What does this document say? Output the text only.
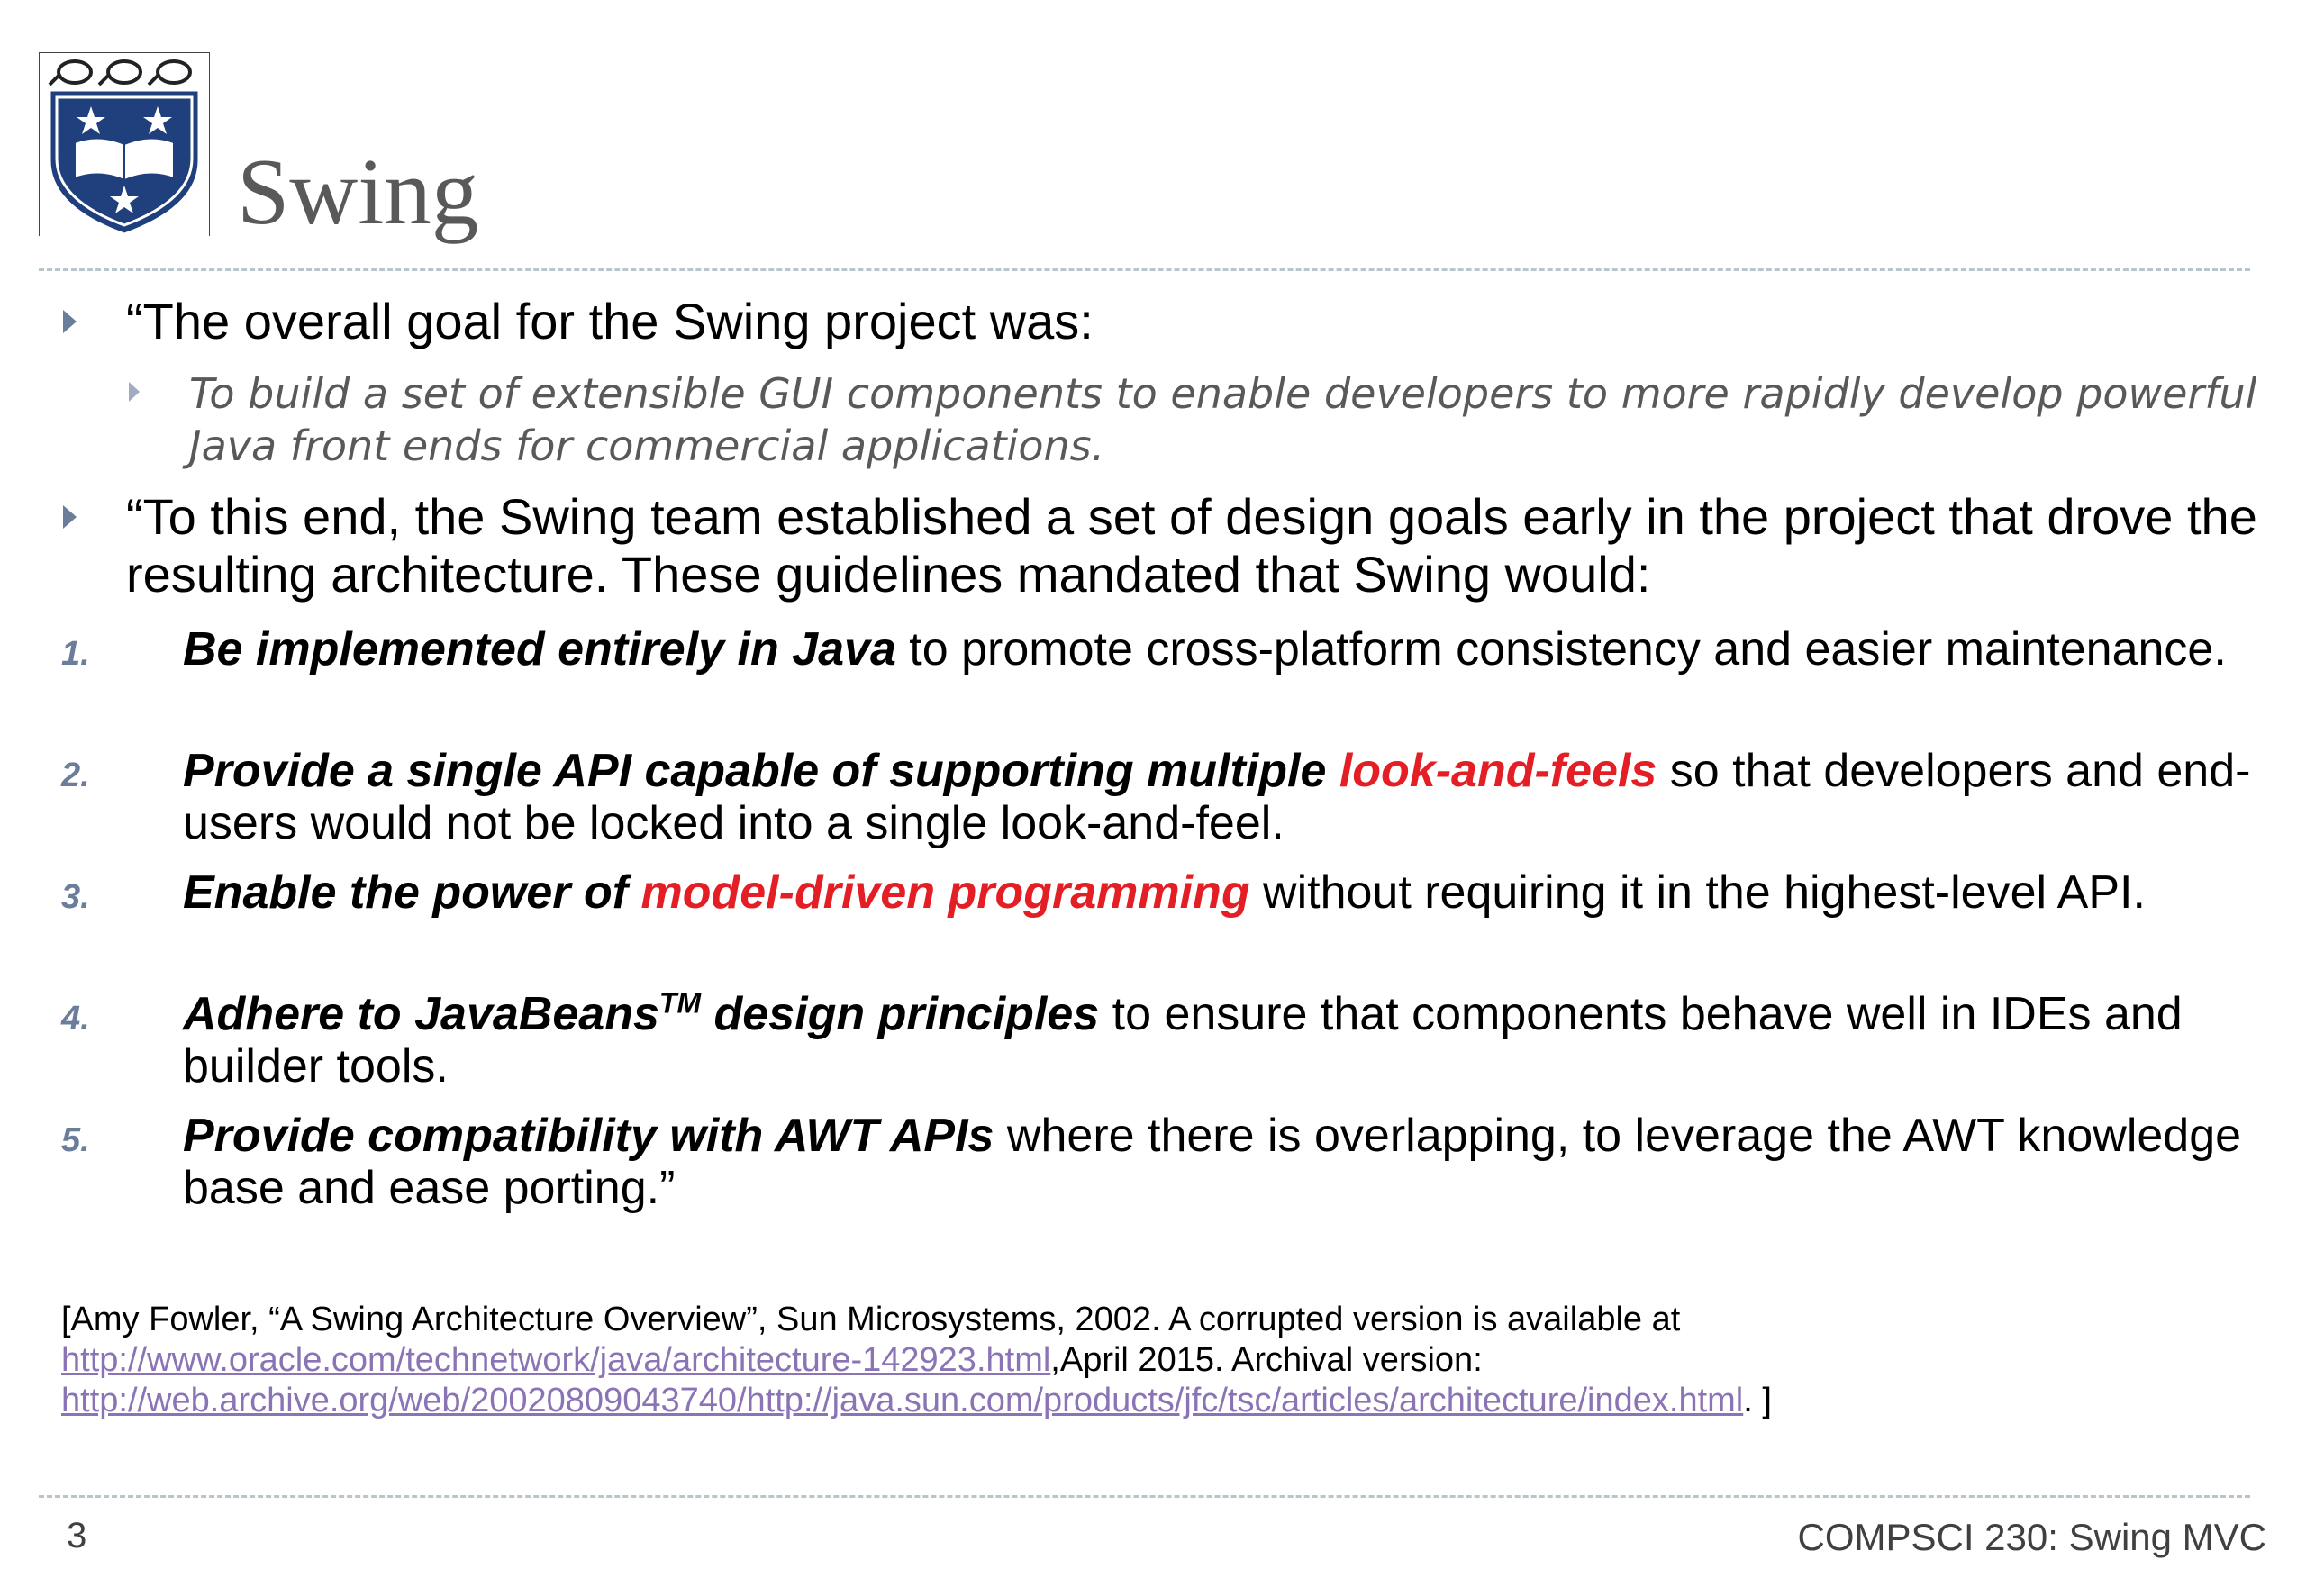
Swing

“The overall goal for the Swing project was:

To build a set of extensible GUI components to enable developers to more rapidly develop powerful Java front ends for commercial applications.

“To this end, the Swing team established a set of design goals early in the project that drove the resulting architecture. These guidelines mandated that Swing would:

1. Be implemented entirely in Java to promote cross-platform consistency and easier maintenance.

2. Provide a single API capable of supporting multiple look-and-feels so that developers and end-users would not be locked into a single look-and-feel.

3. Enable the power of model-driven programming without requiring it in the highest-level API.

4. Adhere to JavaBeans™ design principles to ensure that components behave well in IDEs and builder tools.

5. Provide compatibility with AWT APIs where there is overlapping, to leverage the AWT knowledge base and ease porting.”

[Amy Fowler, “A Swing Architecture Overview”, Sun Microsystems, 2002. A corrupted version is available at http://www.oracle.com/technetwork/java/architecture-142923.html,April 2015. Archival version: http://web.archive.org/web/20020809043740/http://java.sun.com/products/jfc/tsc/articles/architecture/index.html. ]

3	COMPSCI 230: Swing MVC
